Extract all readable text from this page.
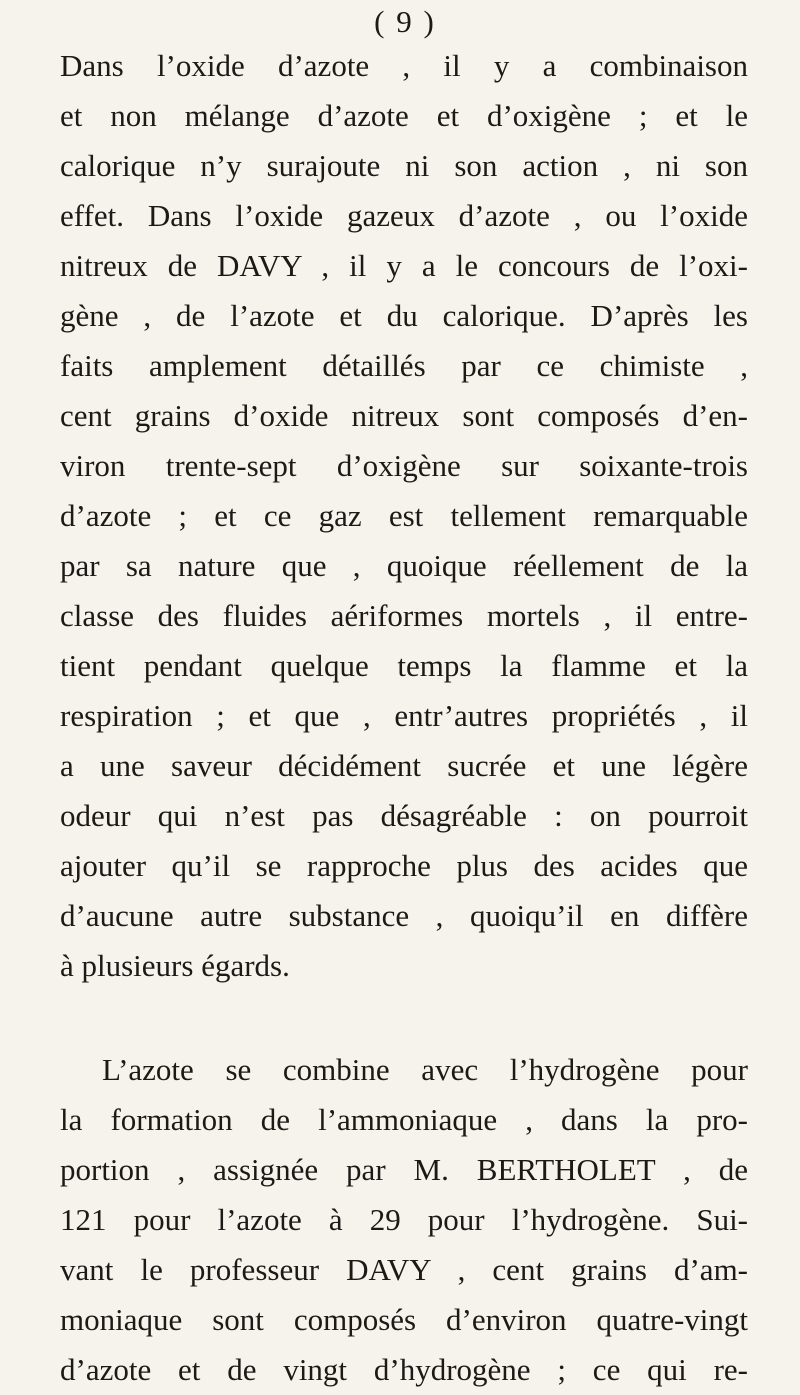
( 9 )
Dans l’oxide d’azote , il y a combinaison
et non mélange d’azote et d’oxigène ; et le
calorique n’y surajoute ni son action , ni son
effet. Dans l’oxide gazeux d’azote , ou l’oxide
nitreux de DAVY , il y a le concours de l’oxi-
gène , de l’azote et du calorique. D’après les
faits amplement détaillés par ce chimiste ,
cent grains d’oxide nitreux sont composés d’en-
viron trente-sept d’oxigène sur soixante-trois
d’azote ; et ce gaz est tellement remarquable
par sa nature que , quoique réellement de la
classe des fluides aériformes mortels , il entre-
tient pendant quelque temps la flamme et la
respiration ; et que , entr’autres propriétés , il
a une saveur décidément sucrée et une légère
odeur qui n’est pas désagréable : on pourroit
ajouter qu’il se rapproche plus des acides que
d’aucune autre substance , quoiqu’il en diffère
à plusieurs égards.
L’azote se combine avec l’hydrogène pour
la formation de l’ammoniaque , dans la pro-
portion , assignée par M. BERTHOLET , de
121 pour l’azote à 29 pour l’hydrogène. Sui-
vant le professeur DAVY , cent grains d’am-
moniaque sont composés d’environ quatre-vingt
d’azote et de vingt d’hydrogène ; ce qui re-
